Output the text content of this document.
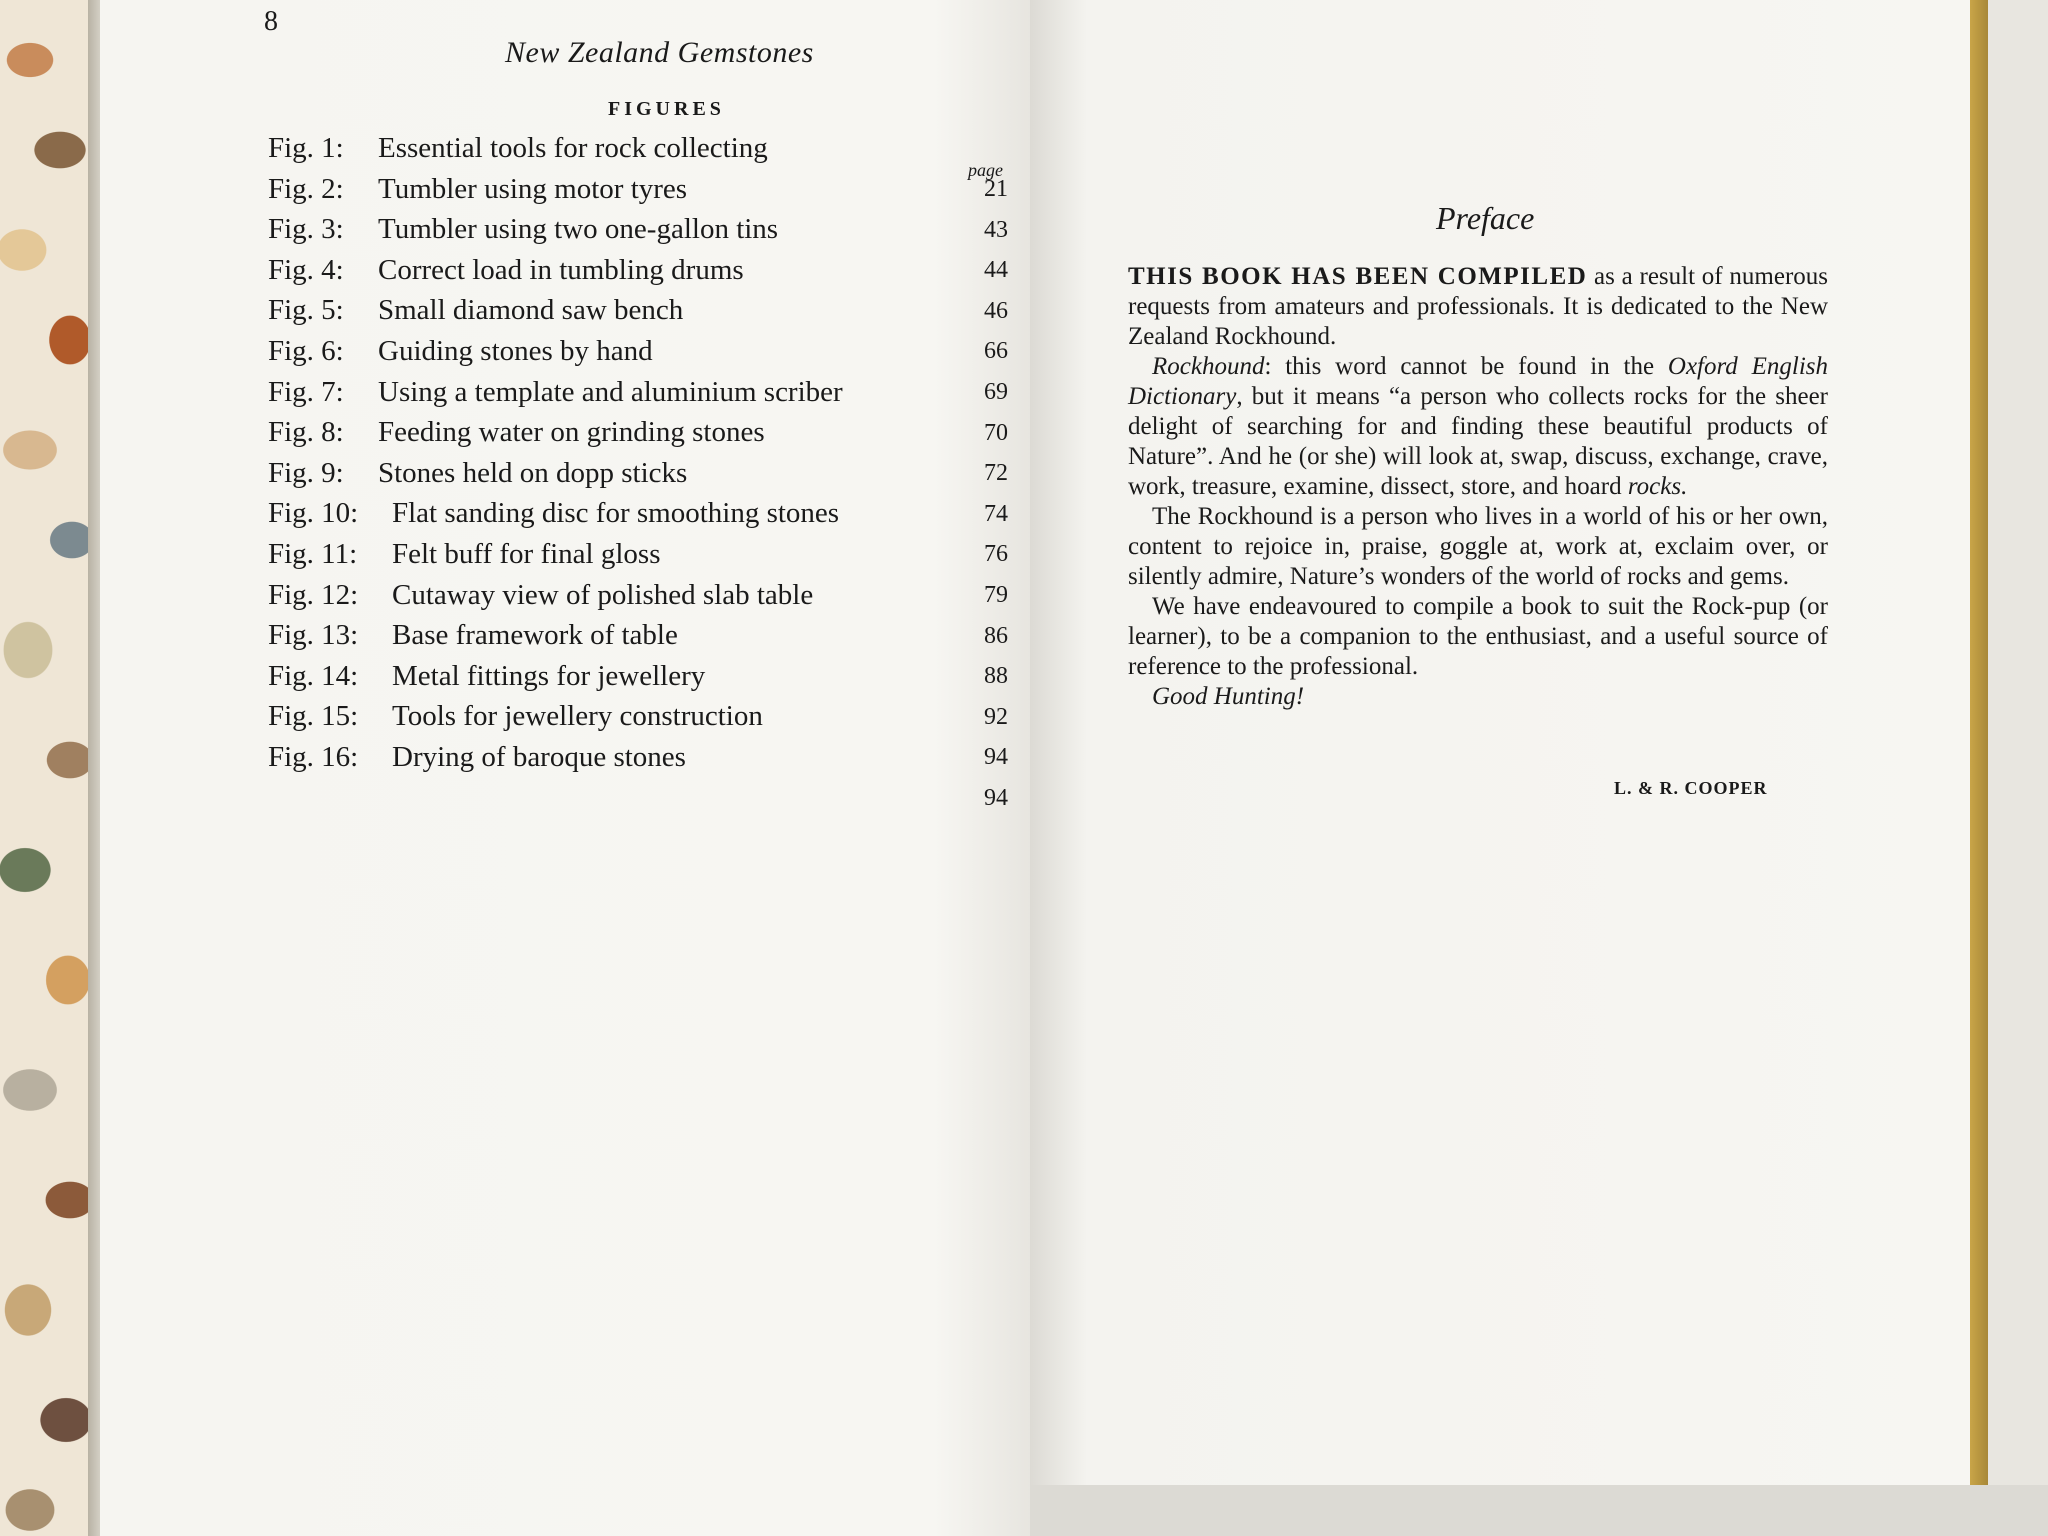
8
New Zealand Gemstones
FIGURES
page
Fig. 1: Essential tools for rock collecting
21
Fig. 2: Tumbler using motor tyres
43
Fig. 3: Tumbler using two one-gallon tins
44
Fig. 4: Correct load in tumbling drums
46
Fig. 5: Small diamond saw bench
66
Fig. 6: Guiding stones by hand
69
Fig. 7: Using a template and aluminium scriber
70
Fig. 8: Feeding water on grinding stones
72
Fig. 9: Stones held on dopp sticks
74
Fig. 10: Flat sanding disc for smoothing stones
76
Fig. 11: Felt buff for final gloss
79
Fig. 12: Cutaway view of polished slab table
86
Fig. 13: Base framework of table
88
Fig. 14: Metal fittings for jewellery
92
Fig. 15: Tools for jewellery construction
94
Fig. 16: Drying of baroque stones
94
Preface

THIS BOOK HAS BEEN COMPILED as a result of numerous requests from amateurs and professionals. It is dedicated to the New Zealand Rockhound.

Rockhound: this word cannot be found in the Oxford English Dictionary, but it means “a person who collects rocks for the sheer delight of searching for and finding these beautiful products of Nature”. And he (or she) will look at, swap, discuss, exchange, crave, work, treasure, examine, dissect, store, and hoard rocks.

The Rockhound is a person who lives in a world of his or her own, content to rejoice in, praise, goggle at, work at, exclaim over, or silently admire, Nature’s wonders of the world of rocks and gems.

We have endeavoured to compile a book to suit the Rock-pup (or learner), to be a companion to the enthusiast, and a useful source of reference to the professional.

Good Hunting!

L. & R. COOPER
